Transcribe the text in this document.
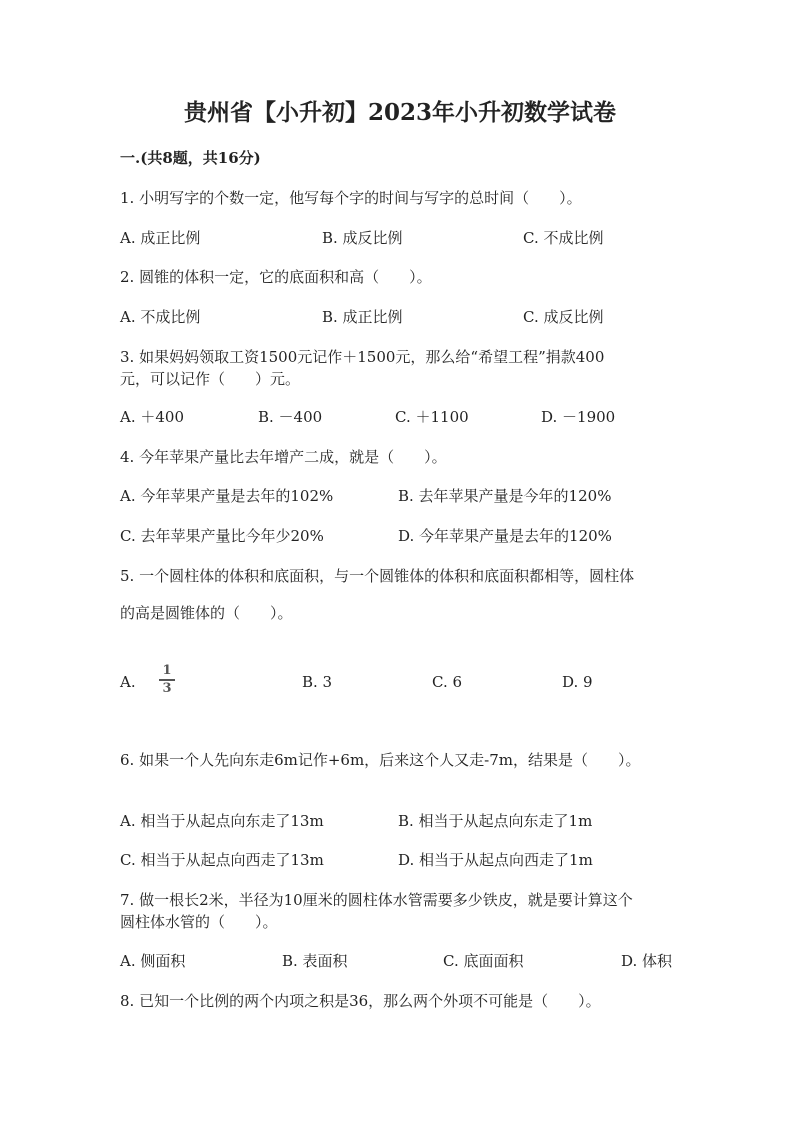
贵州省【小升初】2023年小升初数学试卷
一.(共8题，共16分)
1. 小明写字的个数一定，他写每个字的时间与写字的总时间（　　）。
A. 成正比例	B. 成反比例	C. 不成比例
2. 圆锥的体积一定，它的底面积和高（　　）。
A. 不成比例	B. 成正比例	C. 成反比例
3. 如果妈妈领取工资1500元记作＋1500元，那么给“希望工程”捐款400
元，可以记作（　　）元。
A. ＋400	B. －400	C. ＋1100	D. －1900
4. 今年苹果产量比去年增产二成，就是（　　）。
A. 今年苹果产量是去年的102%	B. 去年苹果产量是今年的120%
C. 去年苹果产量比今年少20%	D. 今年苹果产量是去年的120%
5. 一个圆柱体的体积和底面积，与一个圆锥体的体积和底面积都相等，圆柱体
的高是圆锥体的（　　）。
A.
1
3	B. 3	C. 6	D. 9
6. 如果一个人先向东走6m记作+6m，后来这个人又走-7m，结果是（　　）。
A. 相当于从起点向东走了13m	B. 相当于从起点向东走了1m
C. 相当于从起点向西走了13m	D. 相当于从起点向西走了1m
7. 做一根长2米，半径为10厘米的圆柱体水管需要多少铁皮，就是要计算这个
圆柱体水管的（　　）。
A. 侧面积	B. 表面积	C. 底面面积	D. 体积
8. 已知一个比例的两个内项之积是36，那么两个外项不可能是（　　）。
